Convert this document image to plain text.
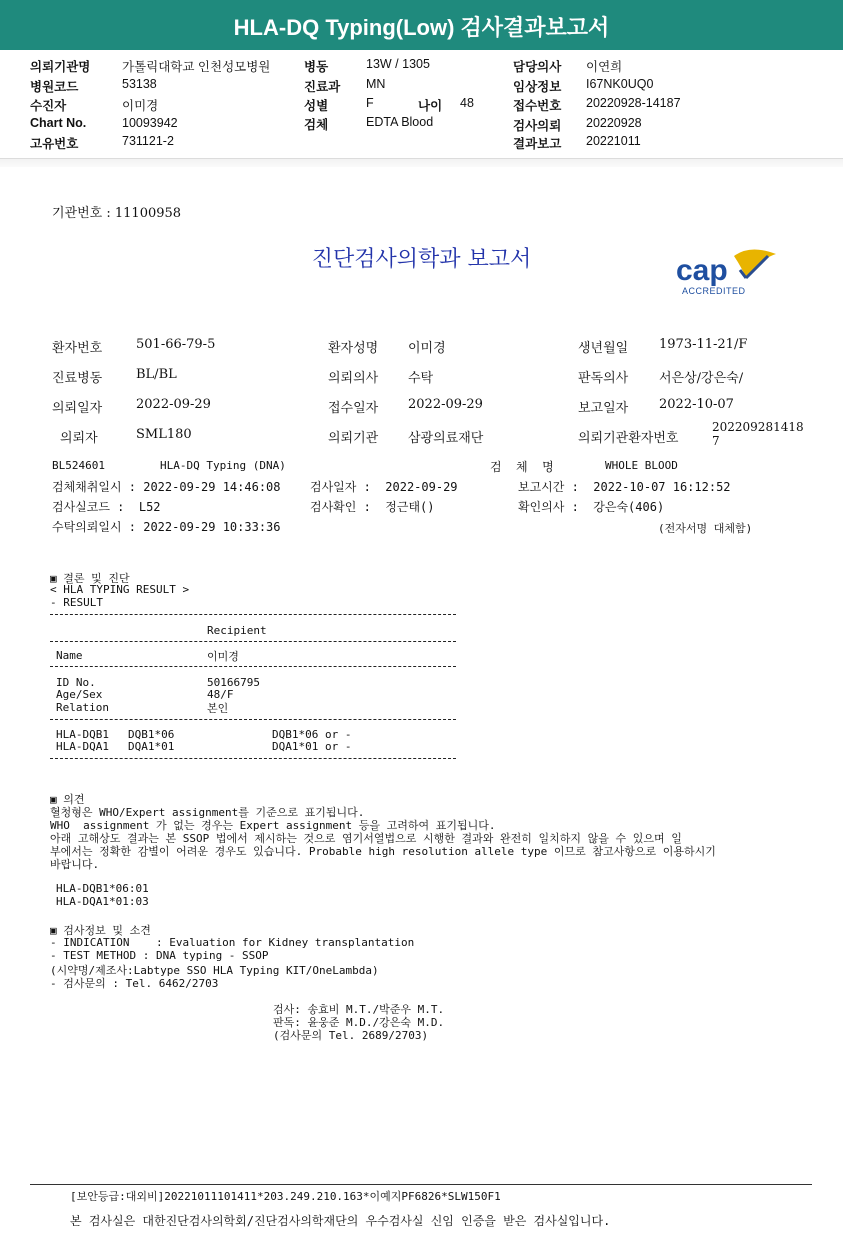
HLA-DQ Typing(Low) 검사결과보고서
의뢰기관명	가톨릭대학교 인천성모병원
병원코드	53138
수진자	이미경
Chart No.	10093942
고유번호	731121-2
병동	13W / 1305
진료과 MN
성별	F	나이 48
검체	EDTA Blood
담당의사 이연희
임상정보 I67NK0UQ0
접수번호 20220928-14187
검사의뢰 20220928
결과보고 20221011
기관번호 : 11100958
진단검사의학과 보고서	cap
ACCREDITED
환자번호	501-66-79-5	환자성명 이미경	생년월일 1973-11-21/F
진료병동	BL/BL	의뢰의사 수탁	판독의사 서은상/강은숙/
의뢰일자	2022-09-29	접수일자 2022-09-29	보고일자 2022-10-07
의뢰자	SML180	의뢰기관 삼광의료재단	의뢰기관환자번호
202209281418
7
BL524601	HLA-DQ Typing (DNA)	검  체  명	WHOLE BLOOD
검체채취일시 : 2022-09-29 14:46:08 검사일자 :  2022-09-29	보고시간 :  2022-10-07 16:12:52
검사실코드 :  L52	검사확인 :  정근태()	확인의사 :  강은숙(406)
수탁의뢰일시 : 2022-09-29 10:33:36	(전자서명 대체함)
▣ 결론 및 진단
< HLA TYPING RESULT >
- RESULT
Recipient
Name	이미경
ID No.	50166795
Age/Sex	48/F
Relation	본인
HLA-DQB1 DQB1*06	DQB1*06 or -
HLA-DQA1 DQA1*01	DQA1*01 or -
▣ 의견
혈청형은 WHO/Expert assignment를 기준으로 표기됩니다.
WHO  assignment 가 없는 경우는 Expert assignment 등을 고려하여 표기됩니다.
아래 고해상도 결과는 본 SSOP 법에서 제시하는 것으로 염기서열법으로 시행한 결과와 완전히 일치하지 않을 수 있으며 일
부에서는 정확한 감별이 어려운 경우도 있습니다. Probable high resolution allele type 이므로 참고사항으로 이용하시기
바랍니다.
HLA-DQB1*06:01
HLA-DQA1*01:03
▣ 검사정보 및 소견
- INDICATION    : Evaluation for Kidney transplantation
- TEST METHOD : DNA typing - SSOP
(시약명/제조사:Labtype SSO HLA Typing KIT/OneLambda)
- 검사문의 : Tel. 6462/2703
검사: 송효비 M.T./박준우 M.T.
판독: 윤웅준 M.D./강은숙 M.D.
(검사문의 Tel. 2689/2703)
[보안등급:대외비]20221011101411*203.249.210.163*이예지PF6826*SLW150F1
본 검사실은 대한진단검사의학회/진단검사의학재단의 우수검사실 신임 인증을 받은 검사실입니다.
